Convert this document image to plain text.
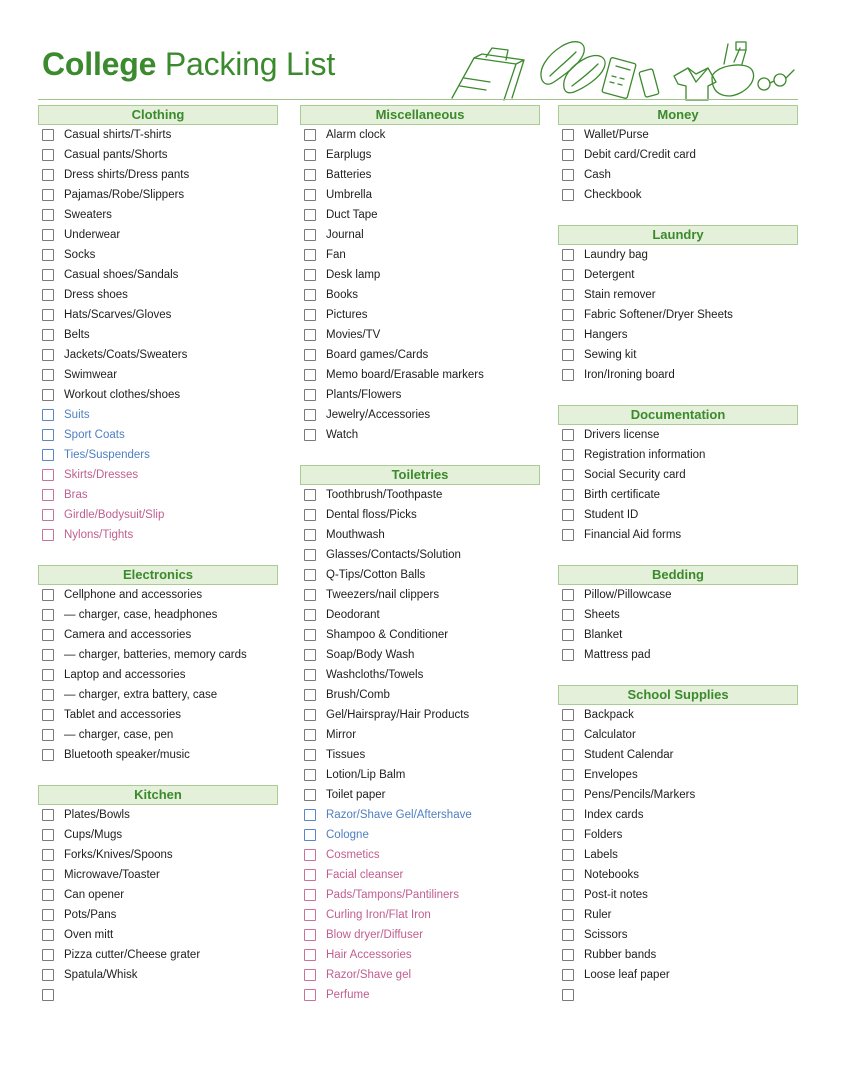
College Packing List
Clothing
Casual shirts/T-shirts
Casual pants/Shorts
Dress shirts/Dress pants
Pajamas/Robe/Slippers
Sweaters
Underwear
Socks
Casual shoes/Sandals
Dress shoes
Hats/Scarves/Gloves
Belts
Jackets/Coats/Sweaters
Swimwear
Workout clothes/shoes
Suits
Sport Coats
Ties/Suspenders
Skirts/Dresses
Bras
Girdle/Bodysuit/Slip
Nylons/Tights
Electronics
Cellphone and accessories
— charger, case, headphones
Camera and accessories
— charger, batteries, memory cards
Laptop and accessories
— charger, extra battery, case
Tablet and accessories
— charger, case, pen
Bluetooth speaker/music
Kitchen
Plates/Bowls
Cups/Mugs
Forks/Knives/Spoons
Microwave/Toaster
Can opener
Pots/Pans
Oven mitt
Pizza cutter/Cheese grater
Spatula/Whisk
Miscellaneous
Alarm clock
Earplugs
Batteries
Umbrella
Duct Tape
Journal
Fan
Desk lamp
Books
Pictures
Movies/TV
Board games/Cards
Memo board/Erasable markers
Plants/Flowers
Jewelry/Accessories
Watch
Toiletries
Toothbrush/Toothpaste
Dental floss/Picks
Mouthwash
Glasses/Contacts/Solution
Q-Tips/Cotton Balls
Tweezers/nail clippers
Deodorant
Shampoo & Conditioner
Soap/Body Wash
Washcloths/Towels
Brush/Comb
Gel/Hairspray/Hair Products
Mirror
Tissues
Lotion/Lip Balm
Toilet paper
Razor/Shave Gel/Aftershave
Cologne
Cosmetics
Facial cleanser
Pads/Tampons/Pantiliners
Curling Iron/Flat Iron
Blow dryer/Diffuser
Hair Accessories
Razor/Shave gel
Perfume
Money
Wallet/Purse
Debit card/Credit card
Cash
Checkbook
Laundry
Laundry bag
Detergent
Stain remover
Fabric Softener/Dryer Sheets
Hangers
Sewing kit
Iron/Ironing board
Documentation
Drivers license
Registration information
Social Security card
Birth certificate
Student ID
Financial Aid forms
Bedding
Pillow/Pillowcase
Sheets
Blanket
Mattress pad
School Supplies
Backpack
Calculator
Student Calendar
Envelopes
Pens/Pencils/Markers
Index cards
Folders
Labels
Notebooks
Post-it notes
Ruler
Scissors
Rubber bands
Loose leaf paper
